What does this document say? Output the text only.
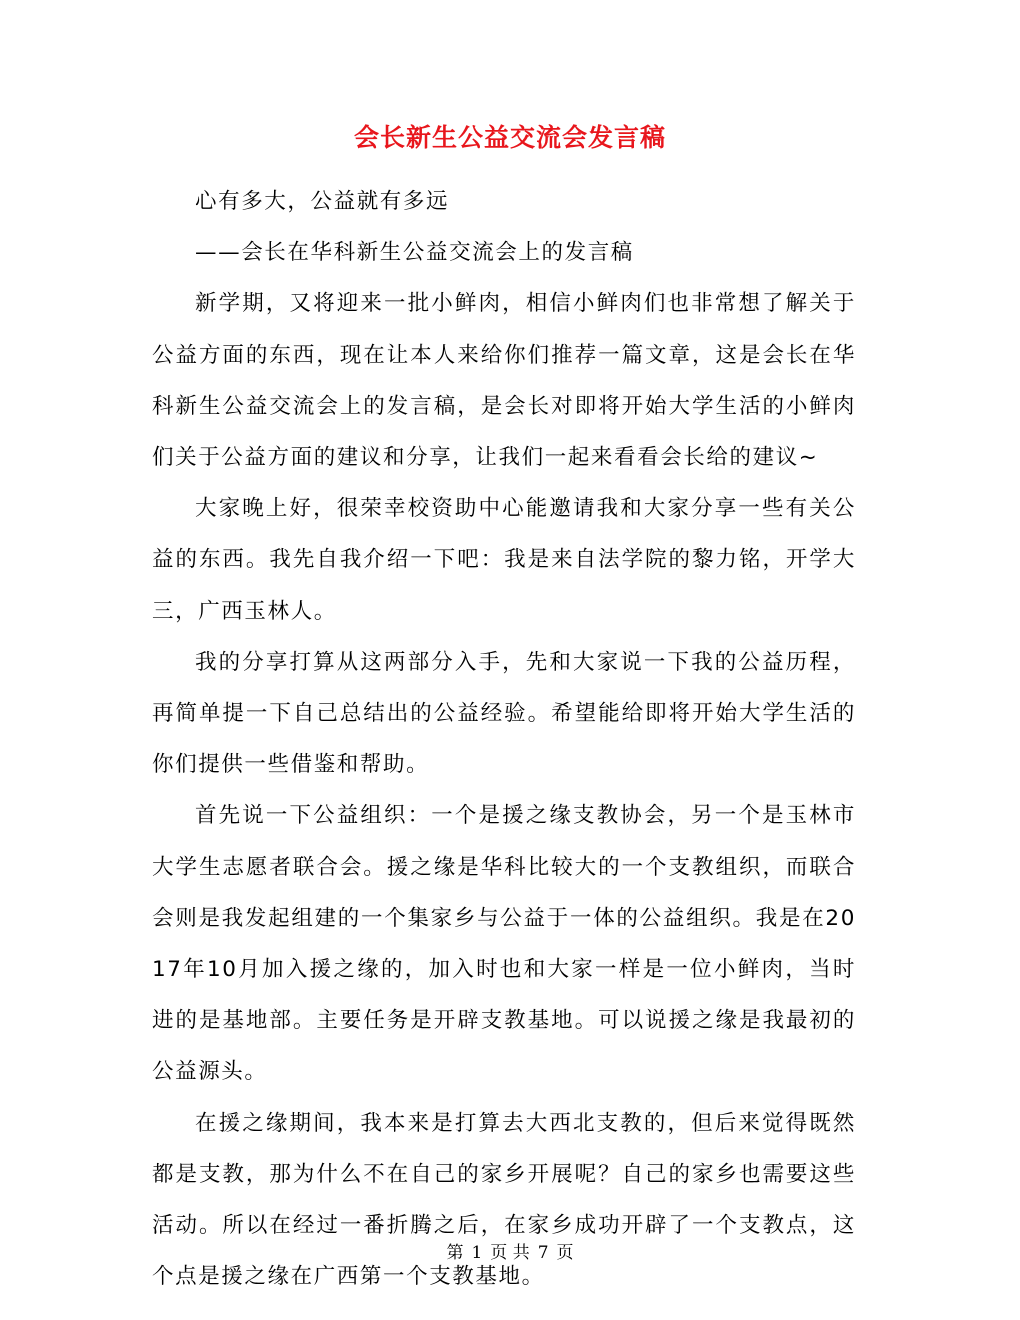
会长新生公益交流会发言稿

心有多大，公益就有多远

——会长在华科新生公益交流会上的发言稿

新学期，又将迎来一批小鲜肉，相信小鲜肉们也非常想了解关于公益方面的东西，现在让本人来给你们推荐一篇文章，这是会长在华科新生公益交流会上的发言稿，是会长对即将开始大学生活的小鲜肉们关于公益方面的建议和分享，让我们一起来看看会长给的建议~

大家晚上好，很荣幸校资助中心能邀请我和大家分享一些有关公益的东西。我先自我介绍一下吧：我是来自法学院的黎力铭，开学大三，广西玉林人。

我的分享打算从这两部分入手，先和大家说一下我的公益历程，再简单提一下自己总结出的公益经验。希望能给即将开始大学生活的你们提供一些借鉴和帮助。

首先说一下公益组织：一个是援之缘支教协会，另一个是玉林市大学生志愿者联合会。援之缘是华科比较大的一个支教组织，而联合会则是我发起组建的一个集家乡与公益于一体的公益组织。我是在2017年10月加入援之缘的，加入时也和大家一样是一位小鲜肉，当时进的是基地部。主要任务是开辟支教基地。可以说援之缘是我最初的公益源头。

在援之缘期间，我本来是打算去大西北支教的，但后来觉得既然都是支教，那为什么不在自己的家乡开展呢？自己的家乡也需要这些活动。所以在经过一番折腾之后，在家乡成功开辟了一个支教点，这个点是援之缘在广西第一个支教基地。

第 1 页 共 7 页
